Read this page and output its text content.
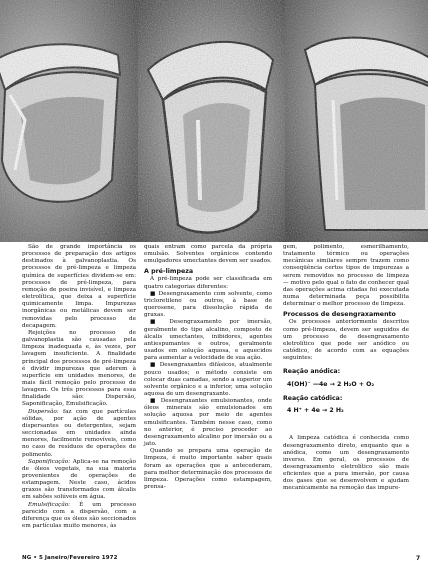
São de grande importância os processos de preparação dos artigos destinados à galvanoplastia. Os processos de pré-limpeza e limpeza química de superfícies dividem-se em: processos de pré-limpeza, para remoção de poeira invisível, e limpeza eletrolítica, que deixa a superfície quimicamente limpa. Impurezas inorgânicas ou metálicas devem ser removidas pelo processo de decapagem.

Rejeições no processo de galvanoplastia são causadas pela limpeza inadequada e, às vezes, por lavagem insuficiente. A finalidade principal dos processos de pré-limpeza é dividir impurezas que aderem à superfície em unidades menores, de mais fácil remoção pelo processo de lavagem. Os três processos para essa finalidade são: Dispersão, Saponificação, Emulsificação.

Dispersão: faz com que partículas sólidas, por ação de agentes dispersantes ou detergentes, sejam seccionadas em unidades ainda menores, facilmente removíveis, como no caso de resíduos de operações de polimento.

Saponificação: Aplica-se na remoção de óleos vegetais, na sua maioria provenientes de operações de estampagem. Neste caso, ácidos graxos são transformados com álcalis em sabões solúveis em água.

Emulsificação: É um processo parecido com a dispersão, com a diferença que os óleos são seccionados em partículas muito menores, às

quais entram como parcela da própria emulsão. Solventes orgânicos contendo emulgadores umectantes devem ser usados.

A pré-limpeza

A pré-limpeza pode ser classificada em quatro categorias diferentes:

■ Desengraxamento com solvente, como tricloretileno ou outros, à base de querosene, para dissolução rápida de graxas.

■ Desengraxamento por imersão, geralmente do tipo alcalino, composto de álcalis umectantes, inibidores, agentes antiespumantes e outros, geralmente usados em solução aquosa, e aquecidos para aumentar a velocidade de sua ação.

■ Desengraxantes difásicos, atualmente pouco usados; o método consiste em colocar duas camadas, sendo a superior um solvente orgânico e a inferior, uma solução aquosa de um desengraxante.

■ Desengraxantes emulsionantes, onde óleos minerais são emulsionados em solução aquosa por meio de agentes emulsificantes. Também nesse caso, como no anterior, é preciso proceder ao desengraxamento alcalino por imersão ou a jato.

Quando se prepara uma operação de limpeza, é muito importante saber quais foram as operações que a antecederam, para melhor determinação dos processos de limpeza. Operações como estampagem, prensa-

gem, polimento, esmerilhamento, tratamento térmico ou operações mecânicas similares sempre trazem como conseqüência certos tipos de impurezas a serem removidos no processo de limpeza — motivo pelo qual o fato de conhecer qual das operações acima citadas foi executada numa determinada peça possibilita determinar o melhor processo de limpeza.

Processos de desengraxamento

Os processos anteriormente descritos como pré-limpeza, devem ser seguidos de um processo de desengraxamento eletrolítico que pode ser anódico ou catódico, de acordo com as equações seguintes:

Reação anódica:
4(OH)⁻ —4e → 2 H₂O + O₂
Reação catódica:
4 H⁺ + 4e → 2 H₂

A limpeza catódica é conhecida como desengraxamento direto, enquanto que a anódica, como um desengraxamento inverso. Em geral, os processos de desengraxamento eletrolítico são mais eficientes que a pura imersão, por causa dos gases que se desenvolvem e ajudam mecanicamente na remoção das impure-

NG • 5 Janeiro/Fevereiro 1972	7
